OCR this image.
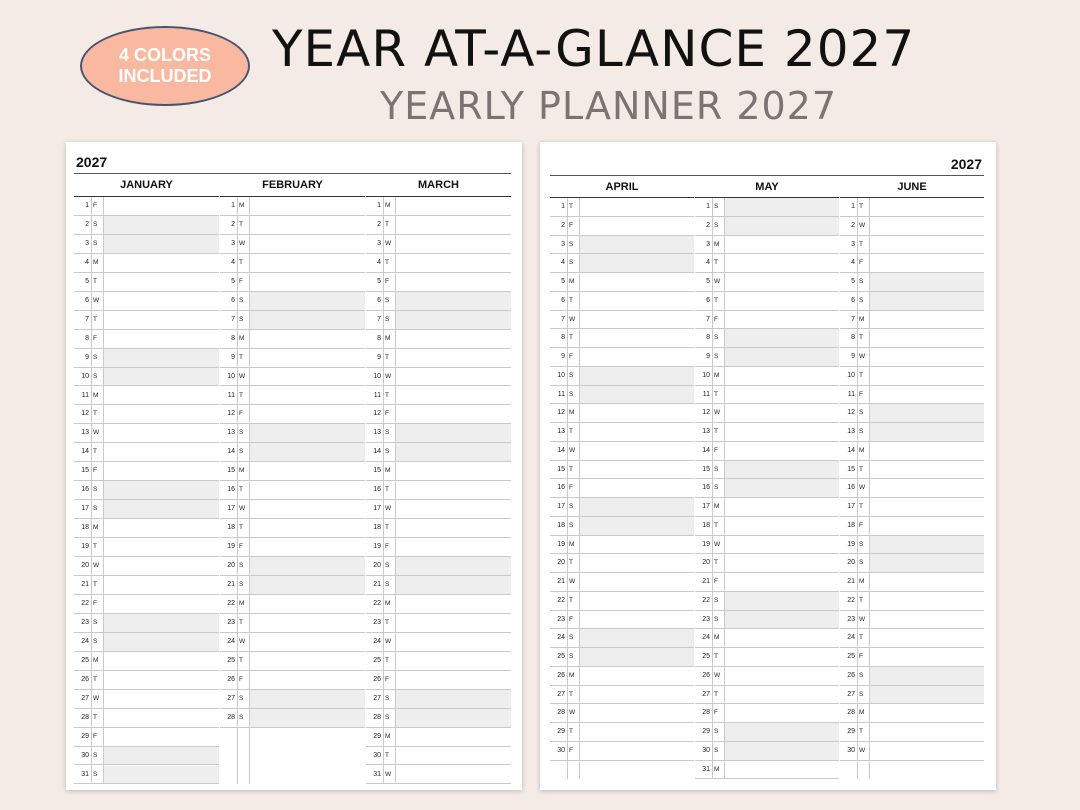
4 COLORS
INCLUDED YEAR AT-A-GLANCE 2027
YEARLY PLANNER 2027
2027
JANUARY
1 F
2 S
3 S
4 M
5 T
6 W
7 T
8 F
9 S
10 S
11 M
12 T
13 W
14 T
15 F
16 S
17 S
18 M
19 T
20 W
21 T
22 F
23 S
24 S
25 M
26 T
27 W
28 T
29 F
30 S
31 S
FEBRUARY
1 M
2 T
3 W
4 T
5 F
6 S
7 S
8 M
9 T
10 W
11 T
12 F
13 S
14 S
15 M
16 T
17 W
18 T
19 F
20 S
21 S
22 M
23 T
24 W
25 T
26 F
27 S
28 S
MARCH
1 M
2 T
3 W
4 T
5 F
6 S
7 S
8 M
9 T
10 W
11 T
12 F
13 S
14 S
15 M
16 T
17 W
18 T
19 F
20 S
21 S
22 M
23 T
24 W
25 T
26 F
27 S
28 S
29 M
30 T
31 W
2027
APRIL
1 T
2 F
3 S
4 S
5 M
6 T
7 W
8 T
9 F
10 S
11 S
12 M
13 T
14 W
15 T
16 F
17 S
18 S
19 M
20 T
21 W
22 T
23 F
24 S
25 S
26 M
27 T
28 W
29 T
30 F
MAY
1 S
2 S
3 M
4 T
5 W
6 T
7 F
8 S
9 S
10 M
11 T
12 W
13 T
14 F
15 S
16 S
17 M
18 T
19 W
20 T
21 F
22 S
23 S
24 M
25 T
26 W
27 T
28 F
29 S
30 S
31 M
JUNE
1 T
2 W
3 T
4 F
5 S
6 S
7 M
8 T
9 W
10 T
11 F
12 S
13 S
14 M
15 T
16 W
17 T
18 F
19 S
20 S
21 M
22 T
23 W
24 T
25 F
26 S
27 S
28 M
29 T
30 W
